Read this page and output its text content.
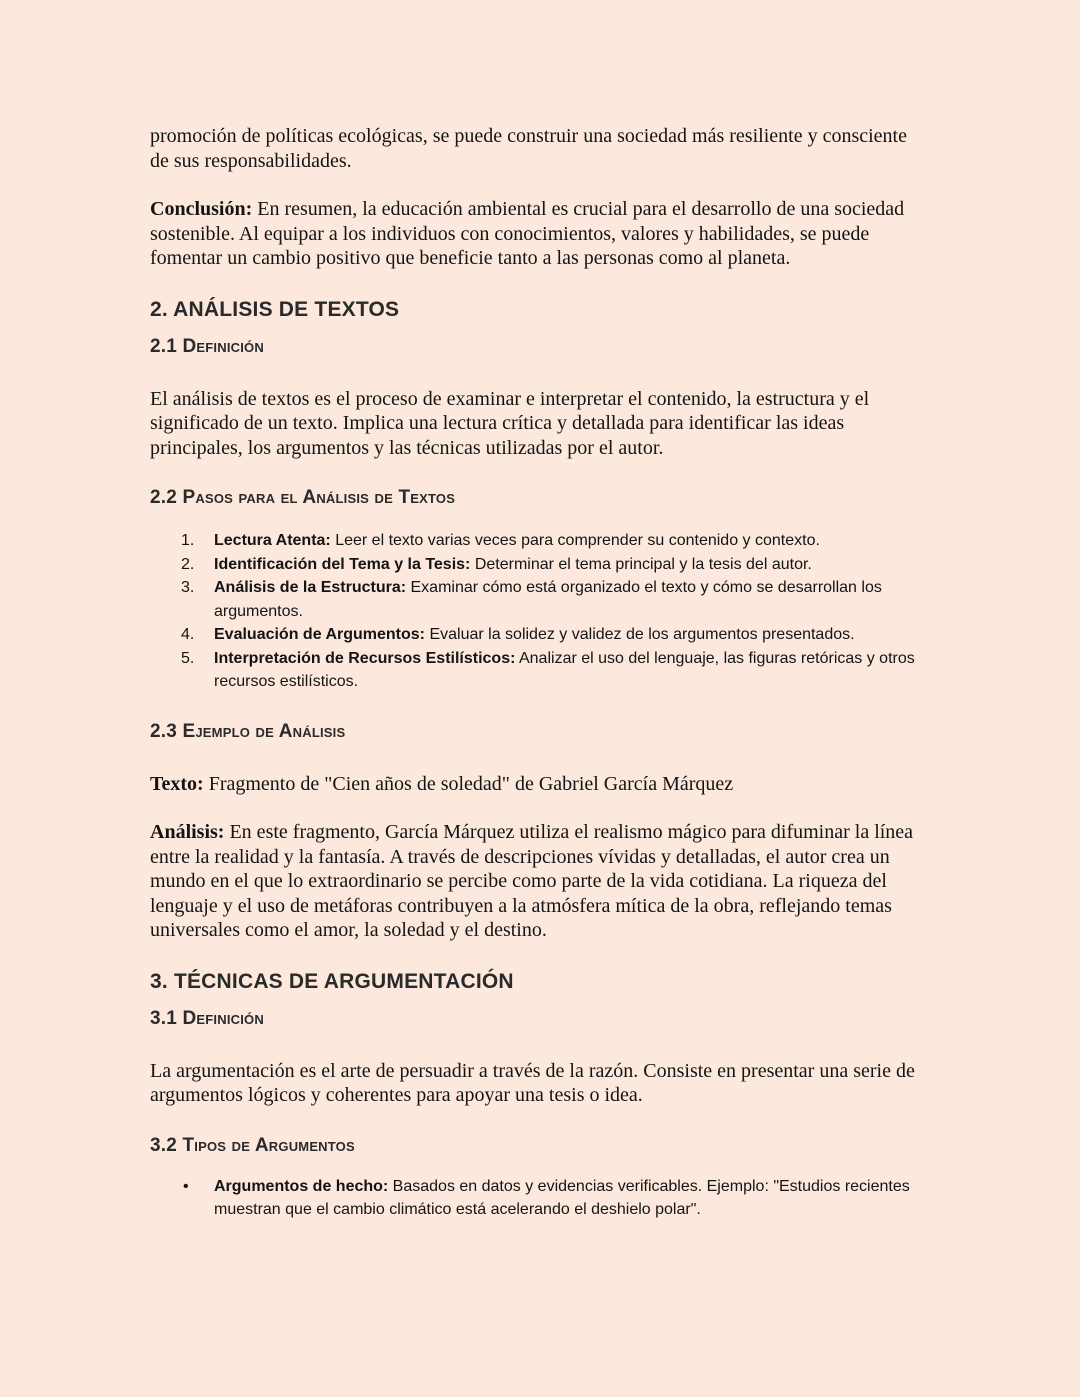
promoción de políticas ecológicas, se puede construir una sociedad más resiliente y consciente de sus responsabilidades.

Conclusión: En resumen, la educación ambiental es crucial para el desarrollo de una sociedad sostenible. Al equipar a los individuos con conocimientos, valores y habilidades, se puede fomentar un cambio positivo que beneficie tanto a las personas como al planeta.

2. ANÁLISIS DE TEXTOS
2.1 Definición

El análisis de textos es el proceso de examinar e interpretar el contenido, la estructura y el significado de un texto. Implica una lectura crítica y detallada para identificar las ideas principales, los argumentos y las técnicas utilizadas por el autor.

2.2 Pasos para el Análisis de Textos
1. Lectura Atenta: Leer el texto varias veces para comprender su contenido y contexto.
2. Identificación del Tema y la Tesis: Determinar el tema principal y la tesis del autor.
3. Análisis de la Estructura: Examinar cómo está organizado el texto y cómo se desarrollan los argumentos.
4. Evaluación de Argumentos: Evaluar la solidez y validez de los argumentos presentados.
5. Interpretación de Recursos Estilísticos: Analizar el uso del lenguaje, las figuras retóricas y otros recursos estilísticos.
2.3 Ejemplo de Análisis

Texto: Fragmento de "Cien años de soledad" de Gabriel García Márquez

Análisis: En este fragmento, García Márquez utiliza el realismo mágico para difuminar la línea entre la realidad y la fantasía. A través de descripciones vívidas y detalladas, el autor crea un mundo en el que lo extraordinario se percibe como parte de la vida cotidiana. La riqueza del lenguaje y el uso de metáforas contribuyen a la atmósfera mítica de la obra, reflejando temas universales como el amor, la soledad y el destino.

3. TÉCNICAS DE ARGUMENTACIÓN
3.1 Definición

La argumentación es el arte de persuadir a través de la razón. Consiste en presentar una serie de argumentos lógicos y coherentes para apoyar una tesis o idea.

3.2 Tipos de Argumentos
• Argumentos de hecho: Basados en datos y evidencias verificables. Ejemplo: "Estudios recientes muestran que el cambio climático está acelerando el deshielo polar".
